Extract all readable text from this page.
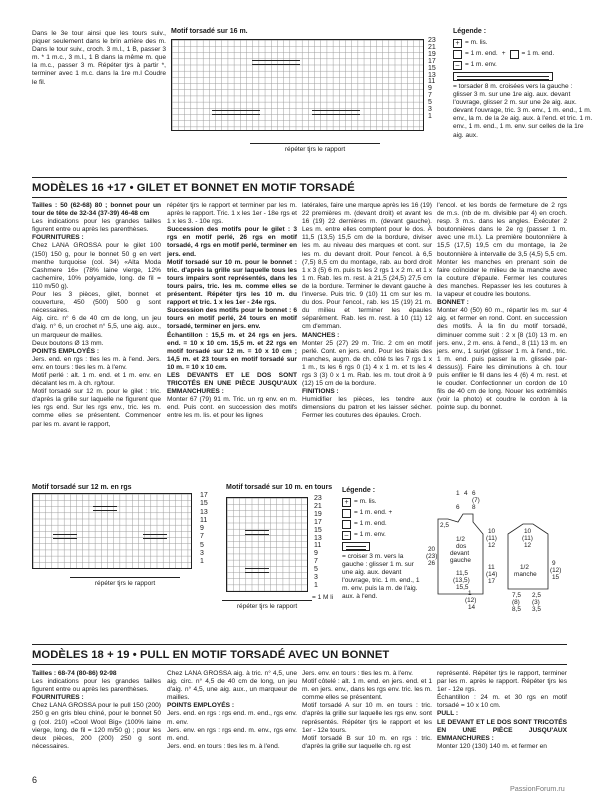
Dans le 3e tour ainsi que les tours suiv., piquer seulement dans le brin arrière des m. Dans le tour suiv., croch. 3 m.l., 1 B, passer 3 m. * 1 m.c., 3 m.l., 1 B dans la même m. que la m.c., passer 3 m. Répéter tjrs à partir *, terminer avec 1 m.c. dans la 1re m.l Coudre le fil.

Motif torsadé sur 16 m.
23
21
19
17
15
13
11
9
7
5
3
1
répéter tjrs le rapport
Légende :
+ = m. lis.
= 1 m. end. + = 1 m. end.
– = 1 m. env.
= torsader 8 m. croisées vers la gauche : glisser 3 m. sur une 1re aig. aux. devant l'ouvrage, glisser 2 m. sur une 2e aig. aux. devant l'ouvrage, tric. 3 m. env., 1 m. end., 1 m. env., la m. de la 2e aig. aux. à l'end. et tric. 1 m. env., 1 m. end., 1 m. env. sur celles de la 1re aig. aux.
MODÈLES 16 +17 • GILET ET BONNET EN MOTIF TORSADÉ

Tailles : 50 (62-68) 80 ; bonnet pour un tour de tête de 32-34 (37-39) 46-48 cm

Les indications pour les grandes tailles figurent entre ou après les parenthèses.

FOURNITURES :

Chez LANA GROSSA pour le gilet 100 (150) 150 g, pour le bonnet 50 g en vert menthe turquoise (col. 34) «Alta Moda Cashmere 16» (78% laine vierge, 12% cachemire, 10% polyamide, long. de fil = 110 m/50 g).

Pour les 3 pièces, gilet, bonnet et couverture, 450 (500) 500 g sont nécessaires.

Aig. circ. n° 6 de 40 cm de long, un jeu d'aig. n° 6, un crochet n° 5,5, une aig. aux., un marqueur de mailles.

Deux boutons Ø 13 mm.

POINTS EMPLOYÉS :

Jers. end. en rgs : tles les m. à l'end. Jers. env. en tours : tles les m. à l'env.

Motif perlé : alt. 1 m. end. et 1 m. env. en décalant les m. à ch. rg/tour.

Motif torsadé sur 12 m. pour le gilet : tric. d'après la grille sur laquelle ne figurent que les rgs end. Sur les rgs env., tric. les m. comme elles se présentent. Commencer par les m. avant le rapport,

répéter tjrs le rapport et terminer par les m. après le rapport. Tric. 1 x les 1er - 18e rgs et 1 x les 3. - 10e rgs.

Succession des motifs pour le gilet : 3 rgs en motif perlé, 26 rgs en motif torsadé, 4 rgs en motif perlé, terminer en jers. end.

Motif torsadé sur 10 m. pour le bonnet : tric. d'après la grille sur laquelle tous les tours impairs sont représentés, dans les tours pairs, tric. les m. comme elles se présentent. Répéter tjrs les 10 m. du rapport et tric. 1 x les 1er - 24e rgs.

Succession des motifs pour le bonnet : 6 tours en motif perlé, 24 tours en motif torsadé, terminer en jers. env.

Échantillon : 15,5 m. et 24 rgs en jers. end. = 10 x 10 cm. 15,5 m. et 22 rgs en motif torsadé sur 12 m. = 10 x 10 cm ; 14,5 m. et 23 tours en motif torsadé sur 10 m. = 10 x 10 cm.

LES DEVANTS ET LE DOS SONT TRICOTÉS EN UNE PIÈCE JUSQU'AUX EMMANCHURES :

Monter 67 (79) 91 m. Tric. un rg env. en m. end. Puis cont. en succession des motifs entre les m. lis. et pour les lignes

latérales, faire une marque après les 16 (19) 22 premières m. (devant droit) et avant les 16 (19) 22 dernières m. (devant gauche). Les m. entre elles comptent pour le dos. À 11,5 (13,5) 15,5 cm de la bordure, diviser les m. au niveau des marques et cont. sur les m. du devant droit. Pour l'encol. à 6,5 (7,5) 8,5 cm du montage, rab. au bord droit 1 x 3 (5) 6 m. puis ts les 2 rgs 1 x 2 m. et 1 x 1 m. Rab. les m. rest. à 21,5 (24,5) 27,5 cm de la bordure. Terminer le devant gauche à l'inverse. Puis tric. 9 (10) 11 cm sur les m. du dos. Pour l'encol., rab. les 15 (19) 21 m. du milieu et terminer les épaules séparément. Rab. les m. rest. à 10 (11) 12 cm d'emman.

MANCHES :

Monter 25 (27) 29 m. Tric. 2 cm en motif perlé. Cont. en jers. end. Pour les biais des manches, augm. de ch. côté ts les 7 rgs 1 x 1 m., ts les 6 rgs 0 (1) 4 x 1 m. et ts les 4 rgs 3 (3) 0 x 1 m. Rab. les m. tout droit à 9 (12) 15 cm de la bordure.

FINITIONS :

Humidifier les pièces, les tendre aux dimensions du patron et les laisser sécher. Fermer les coutures des épaules. Croch.

l'encol. et les bords de fermeture de 2 rgs de m.s. (nb de m. divisible par 4) en croch. resp. 3 m.s. dans les angles. Exécuter 2 boutonnières dans le 2e rg (passer 1 m. avec une m.l.). La première boutonnière à 15,5 (17,5) 19,5 cm du montage, la 2e boutonnière à intervalle de 3,5 (4,5) 5,5 cm. Monter les manches en prenant soin de faire coïncider le milieu de la manche avec la couture d'épaule. Fermer les coutures des manches. Repasser les les coutures à la vapeur et coudre les boutons.

BONNET :

Monter 40 (50) 60 m., répartir les m. sur 4 aig. et fermer en rond. Cont. en succession des motifs. À la fin du motif torsadé, diminuer comme suit : 2 x [8 (10) 13 m. en jers. env., 2 m. ens. à l'end., 8 (11) 13 m. en jers. env., 1 surjet (glisser 1 m. à l'end., tric. 1 m. end. puis passer la m. glissée par-dessus)]. Faire les diminutions à ch. tour puis enfiler le fil dans les 4 (6) 4 m. rest. et le couder. Confectionner un cordon de 10 fils de 40 cm de long. Nouer les extrémités (voir la photo) et coudre le cordon à la pointe sup. du bonnet.

Motif torsadé sur 12 m. en rgs
17
15
13
11
9
7
5
3
1
répéter tjrs le rapport
Motif torsadé sur 10 m. en tours
23
21
19
17
15
13
11
9
7
5
3
1
= 1 M li
répéter tjrs le rapport
Légende :
+ = m. lis.
= 1 m. end. +
= 1 m. end.
– = 1 m. env.
= croiser 3 m. vers la gauche : glisser 1 m. sur une aig. aux. devant l'ouvrage, tric. 1 m. end., 1 m. env. puis la m. de l'aig. aux. à l'end.
1 4 6
(7)
6 8
2,5
20
(23)
26
1/2
dos
devant
gauche
11,5
(13,5)
15,5
10
(11)
12
11
(14)
17
10
(11)
12
1
(12)
14
1/2
manche
9
(12)
15
7,5
(8)
8,5
2,5
(3)
3,5
MODÈLES 18 + 19 • PULL EN MOTIF TORSADÉ AVEC UN BONNET

Tailles : 68-74 (80-86) 92-98

Les indications pour les grandes tailles figurent entre ou après les parenthèses.

FOURNITURES :

Chez LANA GROSSA pour le pull 150 (200) 250 g en gris bleu chiné, pour le bonnet 50 g (col. 210) «Cool Wool Big» (100% laine vierge, long. de fil = 120 m/50 g) ; pour les deux pièces, 200 (200) 250 g sont nécessaires.

Chez LANA GROSSA aig. à tric. n° 4,5, une aig. circ. n° 4,5 de 40 cm de long, un jeu d'aig. n° 4,5, une aig. aux., un marqueur de mailles.

POINTS EMPLOYÉS :

Jers. end. en rgs : rgs end. m. end., rgs env. m. env.

Jers. env. en rgs : rgs end. m. env., rgs env. m. end.

Jers. end. en tours : tles les m. à l'end.

Jers. env. en tours : tles les m. à l'env.

Motif côtelé : alt. 1 m. end. en jers. end. et 1 m. en jers. env., dans les rgs env. tric. les m. comme elles se présentent.

Motif torsadé A sur 10 m. en tours : tric. d'après la grille sur laquelle les rgs env. sont représentés. Répéter tjrs le rapport et les 1er - 12e tours.

Motif torsadé B sur 10 m. en rgs : tric. d'après la grille sur laquelle ch. rg est

représenté. Répéter tjrs le rapport, terminer par les m. après le rapport. Répéter tjrs les 1er - 12e rgs.

Échantillon : 24 m. et 30 rgs en motif torsadé = 10 x 10 cm.

PULL :

LE DEVANT ET LE DOS SONT TRICOTÉS EN UNE PIÈCE JUSQU'AUX EMMANCHURES :

Monter 120 (130) 140 m. et fermer en

6
PassionForum.ru
